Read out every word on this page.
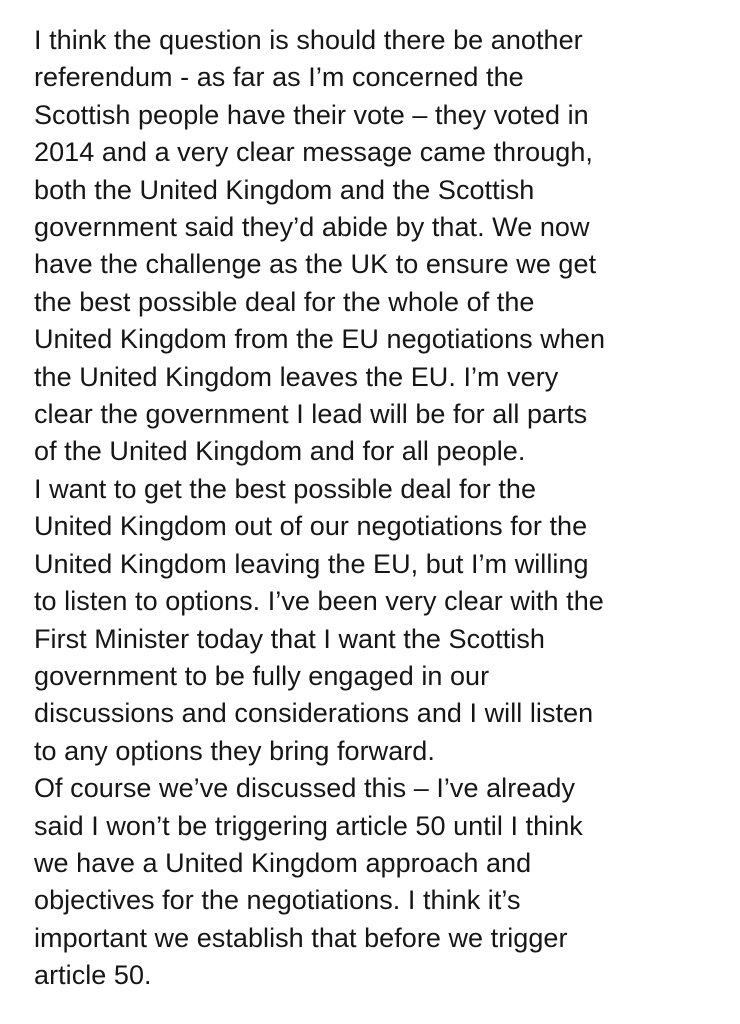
I think the question is should there be another
referendum - as far as I’m concerned the
Scottish people have their vote – they voted in
2014 and a very clear message came through,
both the United Kingdom and the Scottish
government said they’d abide by that. We now
have the challenge as the UK to ensure we get
the best possible deal for the whole of the
United Kingdom from the EU negotiations when
the United Kingdom leaves the EU. I’m very
clear the government I lead will be for all parts
of the United Kingdom and for all people.
I want to get the best possible deal for the
United Kingdom out of our negotiations for the
United Kingdom leaving the EU, but I’m willing
to listen to options. I’ve been very clear with the
First Minister today that I want the Scottish
government to be fully engaged in our
discussions and considerations and I will listen
to any options they bring forward.
Of course we’ve discussed this – I’ve already
said I won’t be triggering article 50 until I think
we have a United Kingdom approach and
objectives for the negotiations. I think it’s
important we establish that before we trigger
article 50.
